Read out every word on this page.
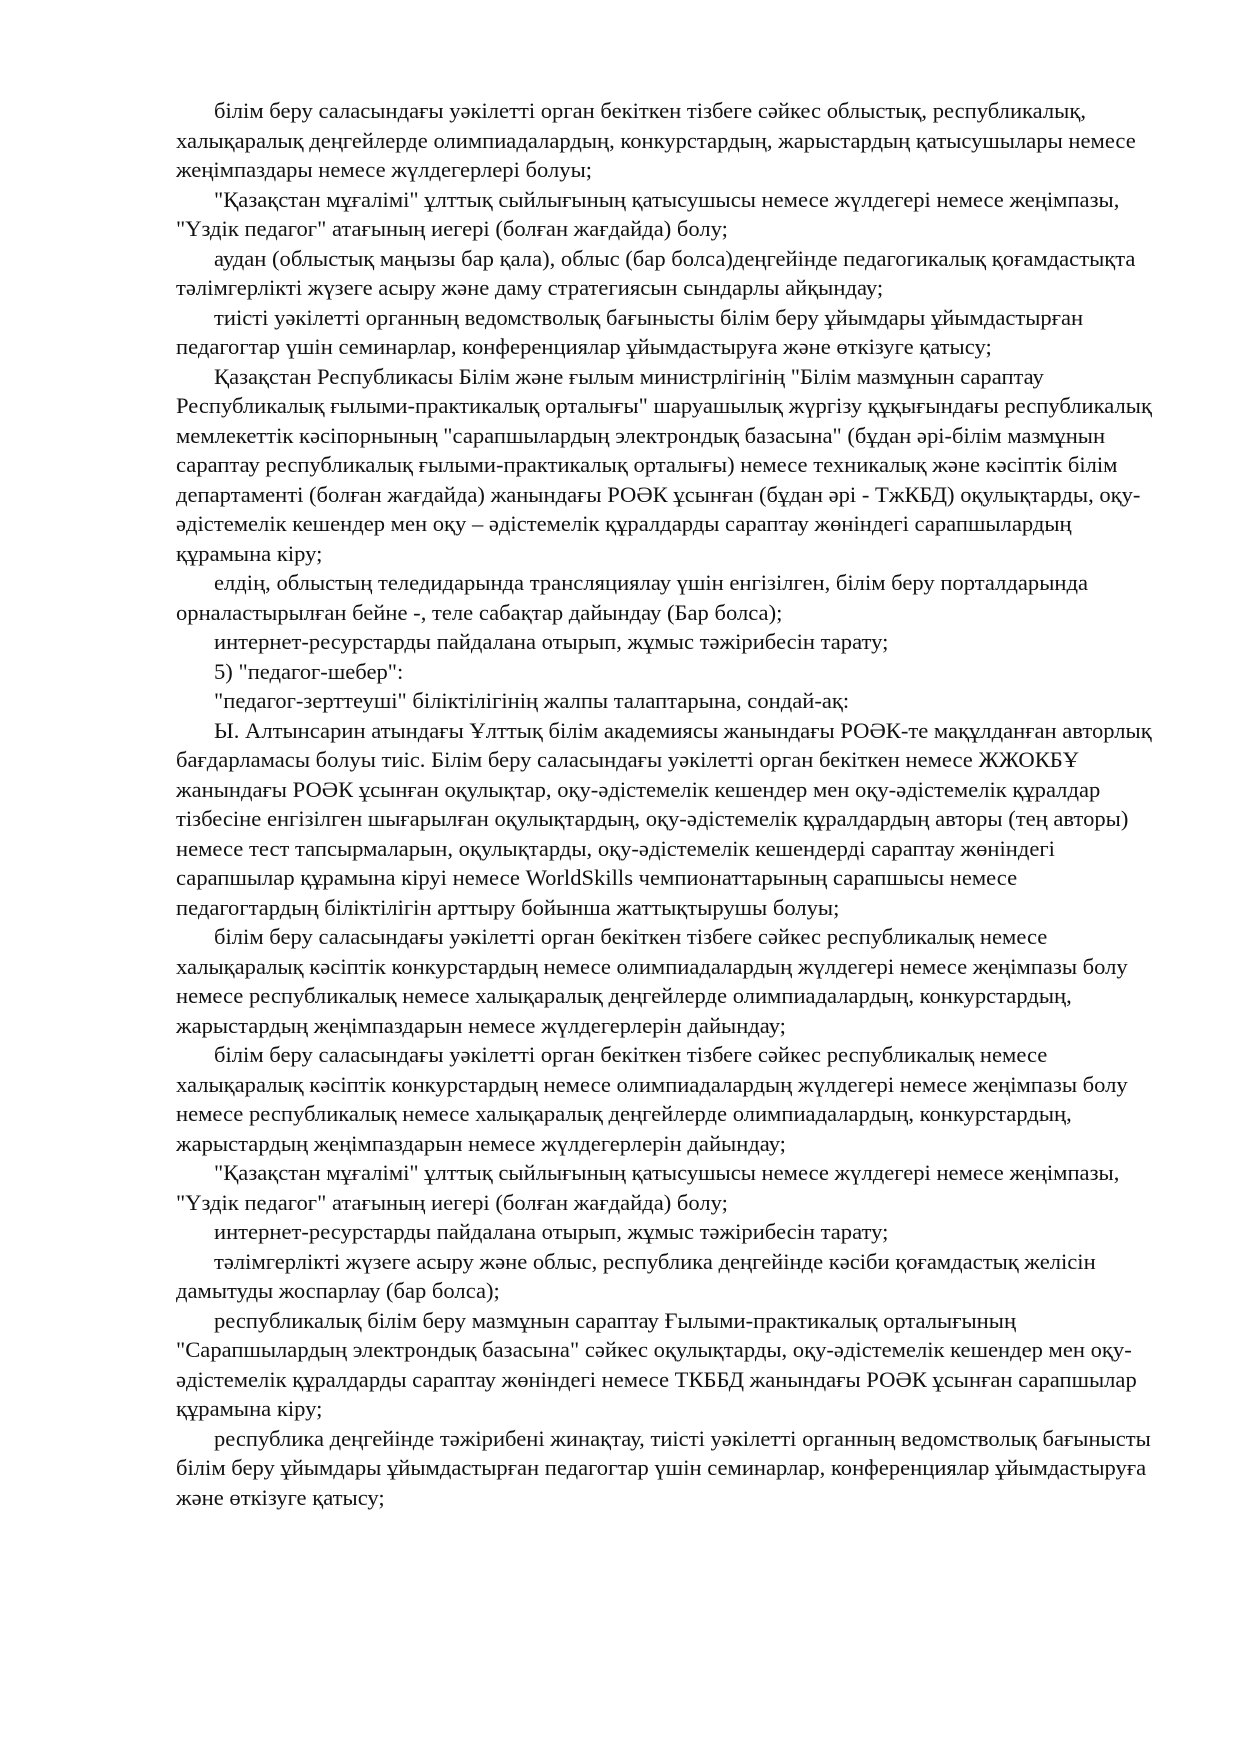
білім беру саласындағы уәкілетті орган бекіткен тізбеге сәйкес облыстық, республикалық, халықаралық деңгейлерде олимпиадалардың, конкурстардың, жарыстардың қатысушылары немесе жеңімпаздары немесе жүлдегерлері болуы;

"Қазақстан мұғалімі" ұлттық сыйлығының қатысушысы немесе жүлдегері немесе жеңімпазы, "Үздік педагог" атағының иегері (болған жағдайда) болу;

аудан (облыстық маңызы бар қала), облыс (бар болса)деңгейінде педагогикалық қоғамдастықта тәлімгерлікті жүзеге асыру және даму стратегиясын сындарлы айқындау;

тиісті уәкілетті органның ведомстволық бағынысты білім беру ұйымдары ұйымдастырған педагогтар үшін семинарлар, конференциялар ұйымдастыруға және өткізуге қатысу;

Қазақстан Республикасы Білім және ғылым министрлігінің "Білім мазмұнын сараптау Республикалық ғылыми-практикалық орталығы" шаруашылық жүргізу құқығындағы республикалық мемлекеттік кәсіпорнының "сарапшылардың электрондық базасына" (бұдан әрі-білім мазмұнын сараптау республикалық ғылыми-практикалық орталығы) немесе техникалық және кәсіптік білім департаменті (болған жағдайда) жанындағы РОӘК ұсынған (бұдан әрі - ТжКБД) оқулықтарды, оқу-әдістемелік кешендер мен оқу – әдістемелік құралдарды сараптау жөніндегі сарапшылардың құрамына кіру;

елдің, облыстың теледидарында трансляциялау үшін енгізілген, білім беру порталдарында орналастырылған бейне -, теле сабақтар дайындау (Бар болса);

интернет-ресурстарды пайдалана отырып, жұмыс тәжірибесін тарату;

5) "педагог-шебер":

"педагог-зерттеуші" біліктілігінің жалпы талаптарына, сондай-ақ:

Ы. Алтынсарин атындағы Ұлттық білім академиясы жанындағы РОӘК-те мақұлданған авторлық бағдарламасы болуы тиіс. Білім беру саласындағы уәкілетті орган бекіткен немесе ЖЖОКБҰ жанындағы РОӘК ұсынған оқулықтар, оқу-әдістемелік кешендер мен оқу-әдістемелік құралдар тізбесіне енгізілген шығарылған оқулықтардың, оқу-әдістемелік құралдардың авторы (тең авторы) немесе тест тапсырмаларын, оқулықтарды, оқу-әдістемелік кешендерді сараптау жөніндегі сарапшылар құрамына кіруі немесе WorldSkills чемпионаттарының сарапшысы немесе педагогтардың біліктілігін арттыру бойынша жаттықтырушы болуы;

білім беру саласындағы уәкілетті орган бекіткен тізбеге сәйкес республикалық немесе халықаралық кәсіптік конкурстардың немесе олимпиадалардың жүлдегері немесе жеңімпазы болу немесе республикалық немесе халықаралық деңгейлерде олимпиадалардың, конкурстардың, жарыстардың жеңімпаздарын немесе жүлдегерлерін дайындау;

білім беру саласындағы уәкілетті орган бекіткен тізбеге сәйкес республикалық немесе халықаралық кәсіптік конкурстардың немесе олимпиадалардың жүлдегері немесе жеңімпазы болу немесе республикалық немесе халықаралық деңгейлерде олимпиадалардың, конкурстардың, жарыстардың жеңімпаздарын немесе жүлдегерлерін дайындау;

"Қазақстан мұғалімі" ұлттық сыйлығының қатысушысы немесе жүлдегері немесе жеңімпазы, "Үздік педагог" атағының иегері (болған жағдайда) болу;

интернет-ресурстарды пайдалана отырып, жұмыс тәжірибесін тарату;

тәлімгерлікті жүзеге асыру және облыс, республика деңгейінде кәсіби қоғамдастық желісін дамытуды жоспарлау (бар болса);

республикалық білім беру мазмұнын сараптау Ғылыми-практикалық орталығының "Сарапшылардың электрондық базасына" сәйкес оқулықтарды, оқу-әдістемелік кешендер мен оқу-әдістемелік құралдарды сараптау жөніндегі немесе ТКББД жанындағы РОӘК ұсынған сарапшылар құрамына кіру;

республика деңгейінде тәжірибені жинақтау, тиісті уәкілетті органның ведомстволық бағынысты білім беру ұйымдары ұйымдастырған педагогтар үшін семинарлар, конференциялар ұйымдастыруға және өткізуге қатысу;
